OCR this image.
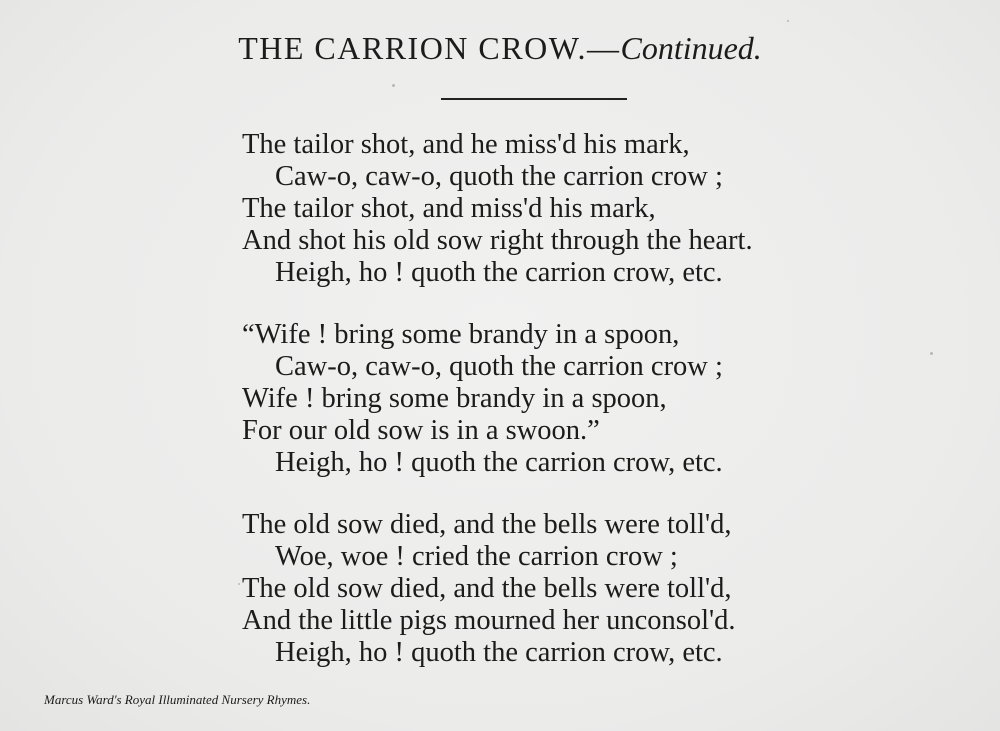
THE CARRION CROW.—Continued.
The tailor shot, and he miss'd his mark,
Caw-o, caw-o, quoth the carrion crow ;
The tailor shot, and miss'd his mark,
And shot his old sow right through the heart.
Heigh, ho ! quoth the carrion crow, etc.
“Wife ! bring some brandy in a spoon,
Caw-o, caw-o, quoth the carrion crow ;
Wife ! bring some brandy in a spoon,
For our old sow is in a swoon.”
Heigh, ho ! quoth the carrion crow, etc.
The old sow died, and the bells were toll'd,
Woe, woe ! cried the carrion crow ;
The old sow died, and the bells were toll'd,
And the little pigs mourned her unconsol'd.
Heigh, ho ! quoth the carrion crow, etc.
Marcus Ward's Royal Illuminated Nursery Rhymes.
